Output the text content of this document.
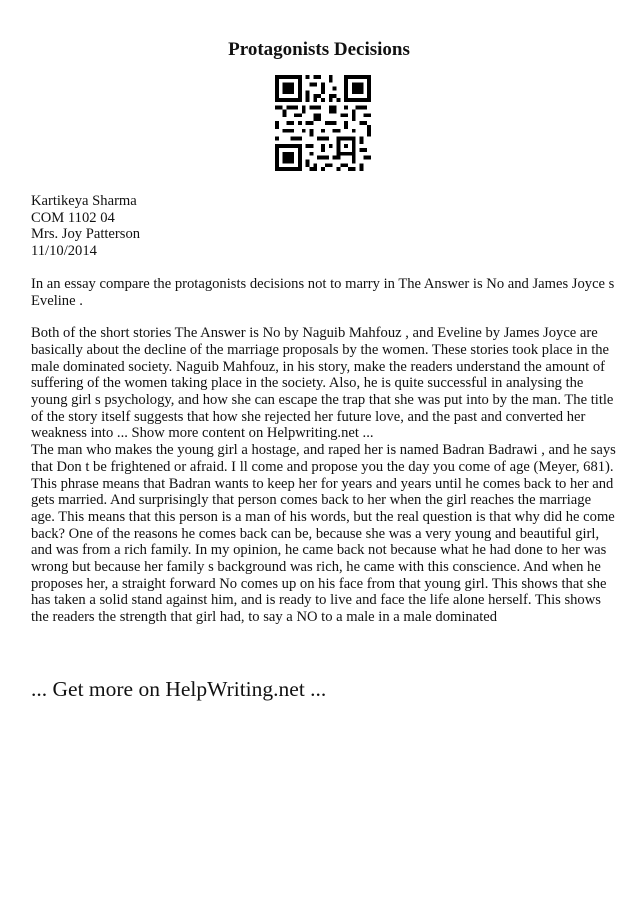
Protagonists Decisions
Kartikeya Sharma
COM 1102 04
Mrs. Joy Patterson
11/10/2014

In an essay compare the protagonists decisions not to marry in The Answer is No and James Joyce s Eveline .

Both of the short stories The Answer is No by Naguib Mahfouz , and Eveline by James Joyce are basically about the decline of the marriage proposals by the women. These stories took place in the male dominated society. Naguib Mahfouz, in his story, make the readers understand the amount of suffering of the women taking place in the society. Also, he is quite successful in analysing the young girl s psychology, and how she can escape the trap that she was put into by the man. The title of the story itself suggests that how she rejected her future love, and the past and converted her weakness into ... Show more content on Helpwriting.net ...

The man who makes the young girl a hostage, and raped her is named Badran Badrawi , and he says that Don t be frightened or afraid. I ll come and propose you the day you come of age (Meyer, 681). This phrase means that Badran wants to keep her for years and years until he comes back to her and gets married. And surprisingly that person comes back to her when the girl reaches the marriage age. This means that this person is a man of his words, but the real question is that why did he come back? One of the reasons he comes back can be, because she was a very young and beautiful girl, and was from a rich family. In my opinion, he came back not because what he had done to her was wrong but because her family s background was rich, he came with this conscience. And when he proposes her, a straight forward No comes up on his face from that young girl. This shows that she has taken a solid stand against him, and is ready to live and face the life alone herself. This shows the readers the strength that girl had, to say a NO to a male in a male dominated

... Get more on HelpWriting.net ...
